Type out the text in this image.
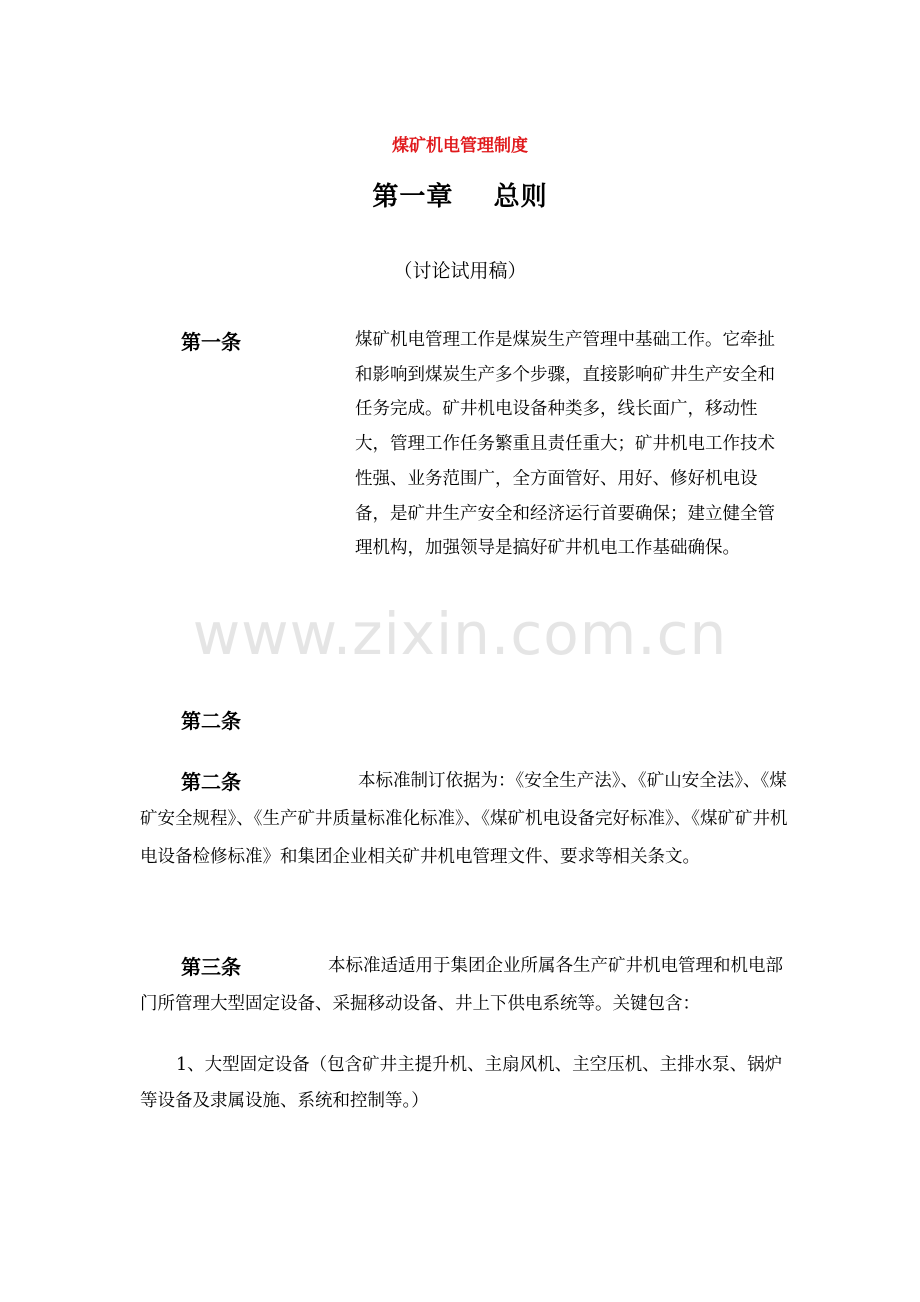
煤矿机电管理制度
第一章    总则
（讨论试用稿）
第一条	煤矿机电管理工作是煤炭生产管理中基础工作。它牵扯和影响到煤炭生产多个步骤，直接影响矿井生产安全和任务完成。矿井机电设备种类多，线长面广，移动性大，管理工作任务繁重且责任重大；矿井机电工作技术性强、业务范围广，全方面管好、用好、修好机电设备，是矿井生产安全和经济运行首要确保；建立健全管理机构，加强领导是搞好矿井机电工作基础确保。

www.zixin.com.cn
第二条
第二条	本标准制订依据为：《安全生产法》、《矿山安全法》、《煤矿安全规程》、《生产矿井质量标准化标准》、《煤矿机电设备完好标准》、《煤矿矿井机电设备检修标准》和集团企业相关矿井机电管理文件、要求等相关条文。

第三条	本标准适适用于集团企业所属各生产矿井机电管理和机电部门所管理大型固定设备、采掘移动设备、井上下供电系统等。关键包含：

1、大型固定设备（包含矿井主提升机、主扇风机、主空压机、主排水泵、锅炉等设备及隶属设施、系统和控制等。）
